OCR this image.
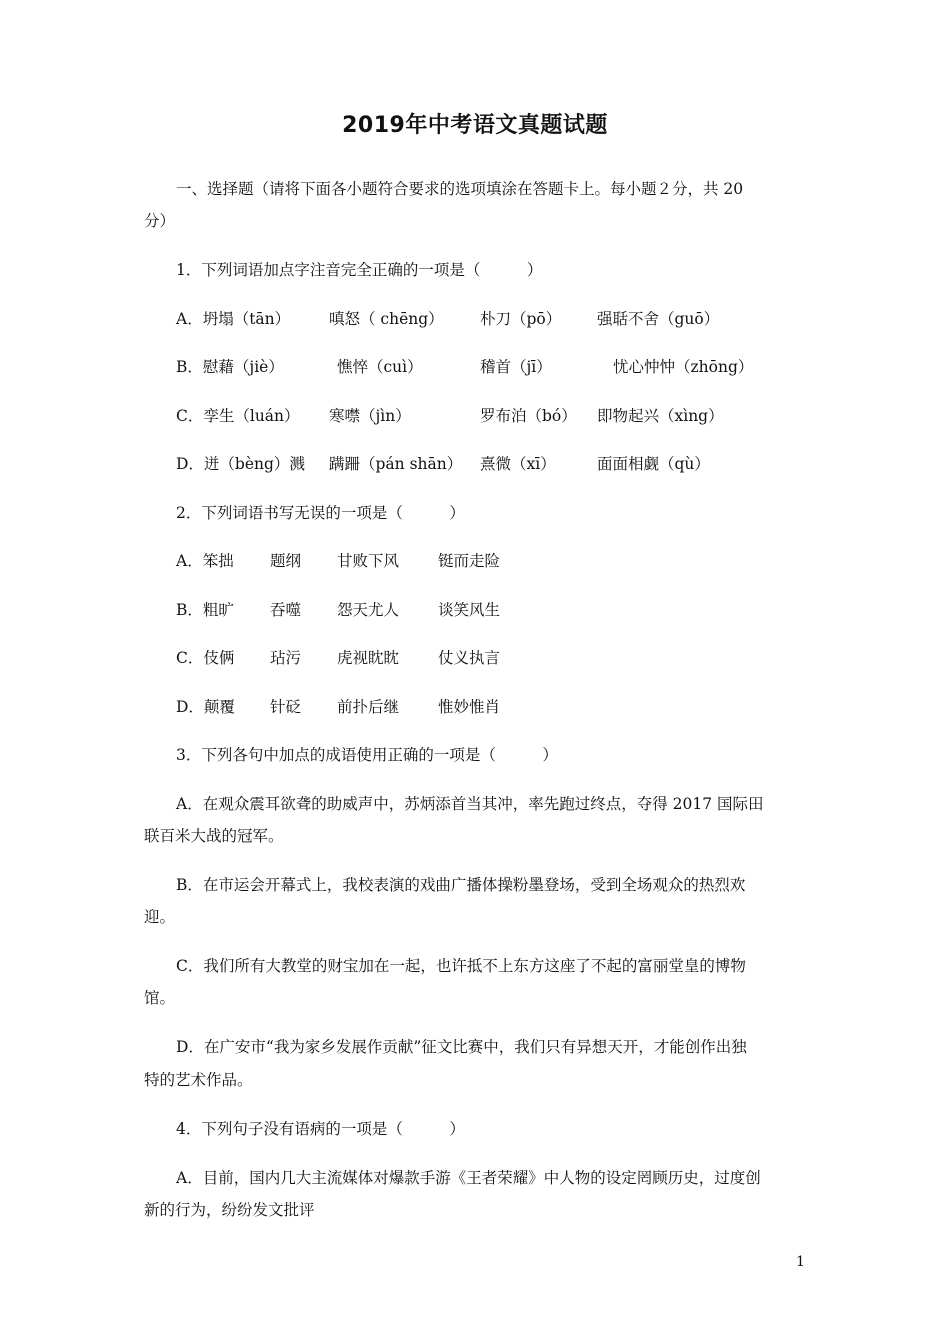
2019年中考语文真题试题
一、选择题（请将下面各小题符合要求的选项填涂在答题卡上。每小题２分，共 20
分）
1．下列词语加点字注音完全正确的一项是（　　　）
A．坍塌（tān）	嗔怒（ chēng） 朴刀（pō） 强聒不舍（guō）
B．慰藉（jiè）	憔悴（cuì）	稽首（jī）	忧心忡忡（zhōng）
C．孪生（luán） 寒噤（jìn）	罗布泊（bó） 即物起兴（xìng）
D．迸（bèng）溅 蹒跚（pán shān） 熹微（xī）	面面相觑（qù）
2．下列词语书写无误的一项是（　　　）
A．笨拙 题纲 甘败下风	铤而走险
B．粗旷 吞噬 怨天尤人	谈笑风生
C．伎俩 玷污 虎视眈眈	仗义执言
D．颠覆 针砭 前扑后继	惟妙惟肖
3．下列各句中加点的成语使用正确的一项是（　　　）
A．在观众震耳欲聋的助威声中，苏炳添首当其冲，率先跑过终点，夺得 2017 国际田
联百米大战的冠军。
B．在市运会开幕式上，我校表演的戏曲广播体操粉墨登场，受到全场观众的热烈欢
迎。
C．我们所有大教堂的财宝加在一起，也许抵不上东方这座了不起的富丽堂皇的博物
馆。
D．在广安市“我为家乡发展作贡献”征文比赛中，我们只有异想天开，才能创作出独
特的艺术作品。
4．下列句子没有语病的一项是（　　　）
A．目前，国内几大主流媒体对爆款手游《王者荣耀》中人物的设定罔顾历史，过度创
新的行为，纷纷发文批评
1
